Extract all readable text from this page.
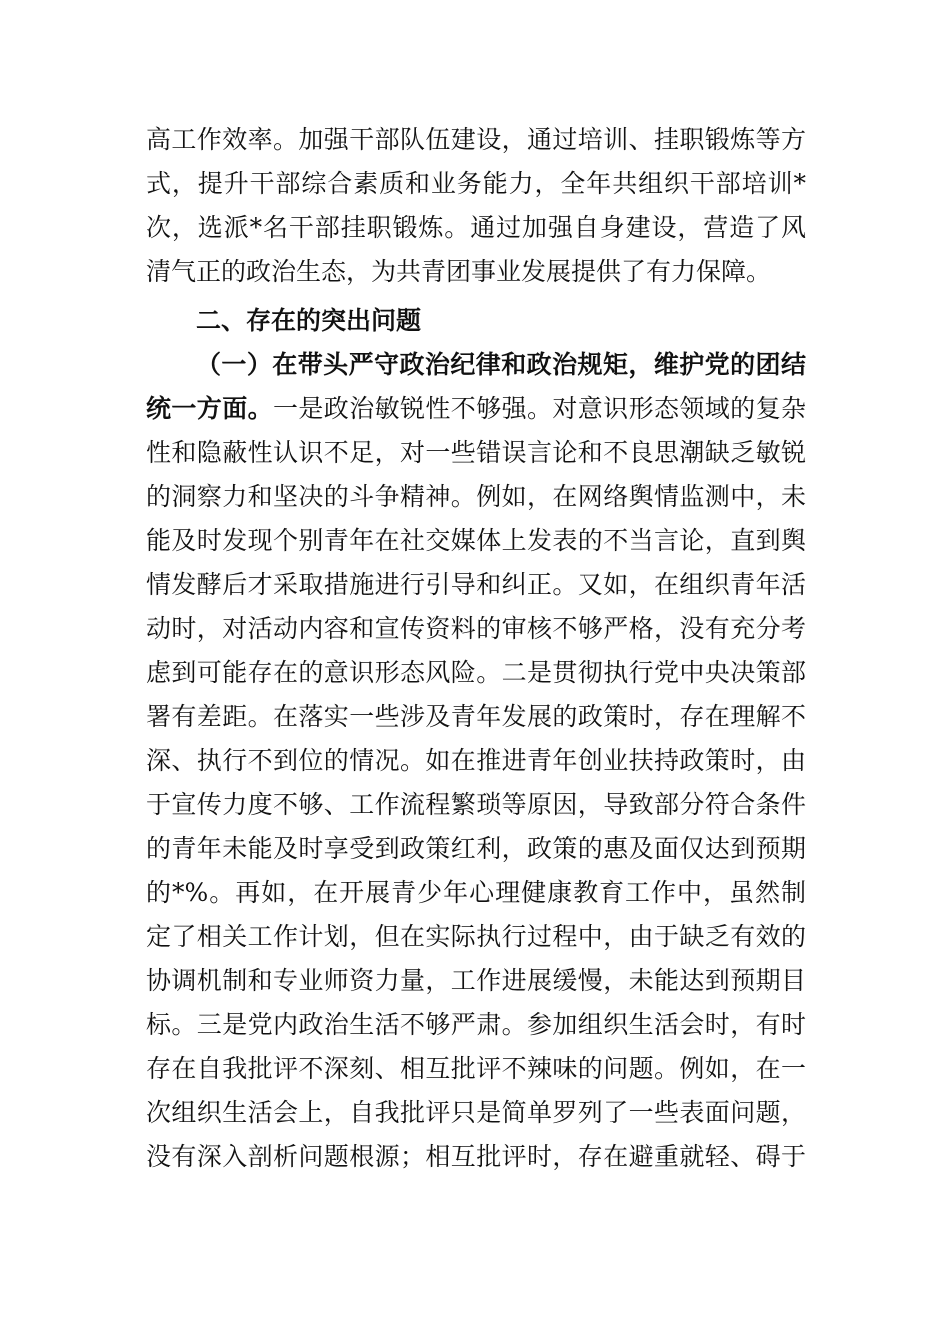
高工作效率。加强干部队伍建设，通过培训、挂职锻炼等方
式，提升干部综合素质和业务能力，全年共组织干部培训*
次，选派*名干部挂职锻炼。通过加强自身建设，营造了风
清气正的政治生态，为共青团事业发展提供了有力保障。
二、存在的突出问题
（一）在带头严守政治纪律和政治规矩，维护党的团结
统一方面。一是政治敏锐性不够强。对意识形态领域的复杂
性和隐蔽性认识不足，对一些错误言论和不良思潮缺乏敏锐
的洞察力和坚决的斗争精神。例如，在网络舆情监测中，未
能及时发现个别青年在社交媒体上发表的不当言论，直到舆
情发酵后才采取措施进行引导和纠正。又如，在组织青年活
动时，对活动内容和宣传资料的审核不够严格，没有充分考
虑到可能存在的意识形态风险。二是贯彻执行党中央决策部
署有差距。在落实一些涉及青年发展的政策时，存在理解不
深、执行不到位的情况。如在推进青年创业扶持政策时，由
于宣传力度不够、工作流程繁琐等原因，导致部分符合条件
的青年未能及时享受到政策红利，政策的惠及面仅达到预期
的*%。再如，在开展青少年心理健康教育工作中，虽然制
定了相关工作计划，但在实际执行过程中，由于缺乏有效的
协调机制和专业师资力量，工作进展缓慢，未能达到预期目
标。三是党内政治生活不够严肃。参加组织生活会时，有时
存在自我批评不深刻、相互批评不辣味的问题。例如，在一
次组织生活会上，自我批评只是简单罗列了一些表面问题，
没有深入剖析问题根源；相互批评时，存在避重就轻、碍于
